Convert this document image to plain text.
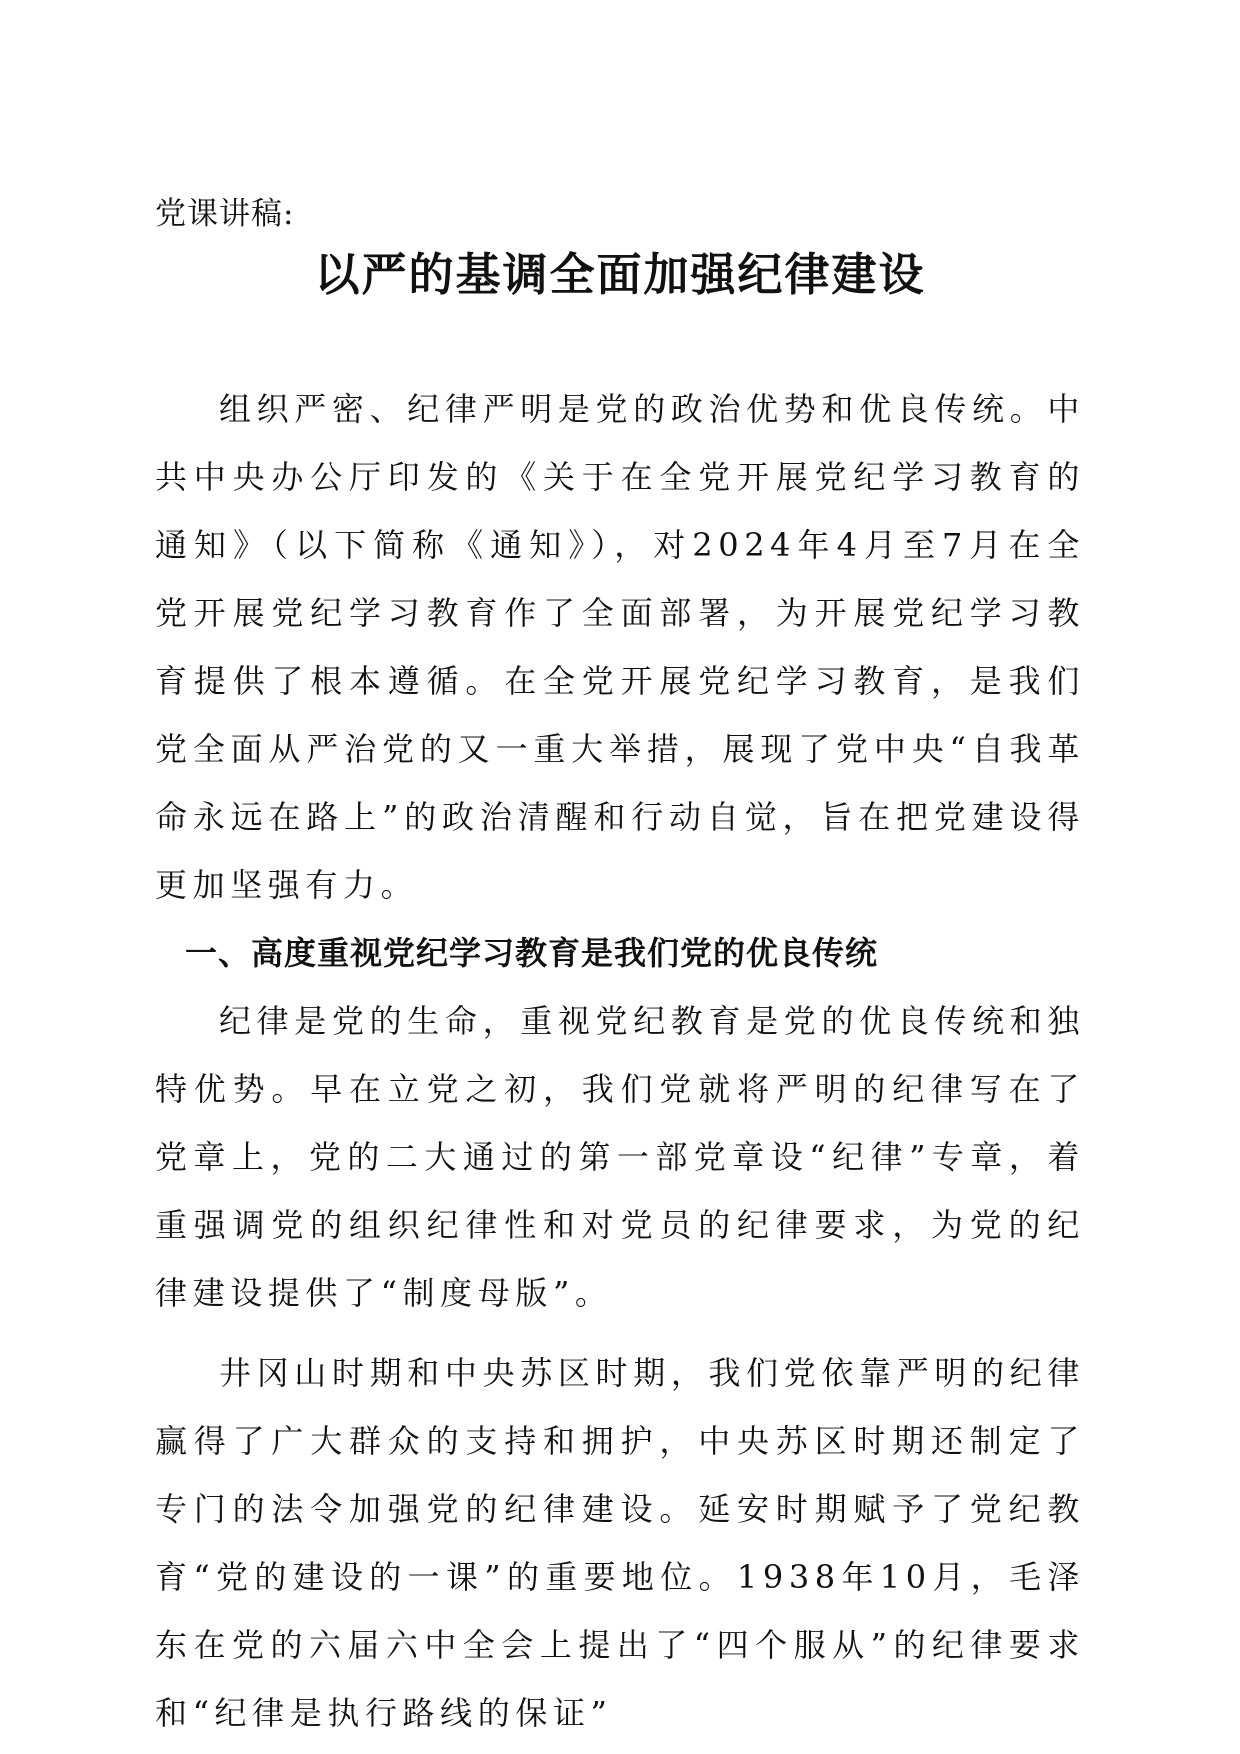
党课讲稿:

以严的基调全面加强纪律建设

组织严密、纪律严明是党的政治优势和优良传统。中共中央办公厅印发的《关于在全党开展党纪学习教育的通知》（以下简称《通知》），对2024年4月至7月在全党开展党纪学习教育作了全面部署，为开展党纪学习教育提供了根本遵循。在全党开展党纪学习教育，是我们党全面从严治党的又一重大举措，展现了党中央“自我革命永远在路上”的政治清醒和行动自觉，旨在把党建设得更加坚强有力。

一、高度重视党纪学习教育是我们党的优良传统

纪律是党的生命，重视党纪教育是党的优良传统和独特优势。早在立党之初，我们党就将严明的纪律写在了党章上，党的二大通过的第一部党章设“纪律”专章，着重强调党的组织纪律性和对党员的纪律要求，为党的纪律建设提供了“制度母版”。

井冈山时期和中央苏区时期，我们党依靠严明的纪律赢得了广大群众的支持和拥护，中央苏区时期还制定了专门的法令加强党的纪律建设。延安时期赋予了党纪教育“党的建设的一课”的重要地位。1938年10月，毛泽东在党的六届六中全会上提出了“四个服从”的纪律要求和“纪律是执行路线的保证”
